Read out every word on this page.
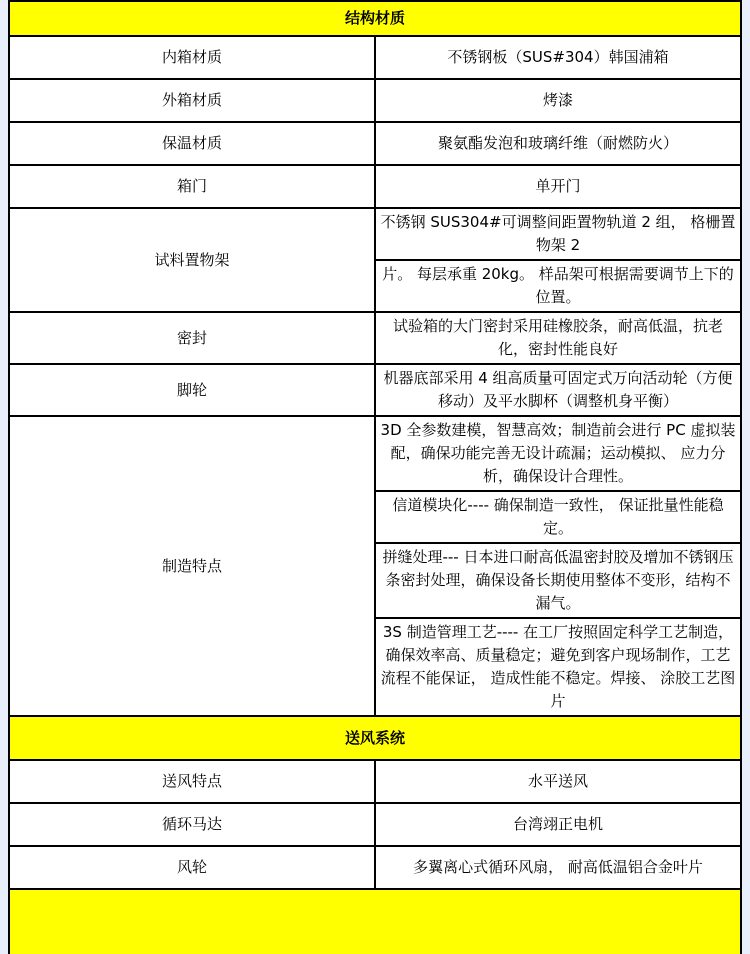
结构材质	
内箱材质	不锈钢板（SUS#304）韩国浦箱
外箱材质	烤漆
保温材质	聚氨酯发泡和玻璃纤维（耐燃防火）
箱门	单开门
试料置物架	不锈钢 SUS304#可调整间距置物轨道 2 组， 格栅置物架 2
	片。 每层承重 20kg。 样品架可根据需要调节上下的位置。
密封	试验箱的大门密封采用硅橡胶条，耐高低温，抗老化，密封性能良好
脚轮	机器底部采用 4 组高质量可固定式万向活动轮（方便移动）及平水脚杯（调整机身平衡）
制造特点	3D 全参数建模，智慧高效；制造前会进行 PC 虚拟装配，确保功能完善无设计疏漏；运动模拟、 应力分析，确保设计合理性。
	信道模块化---- 确保制造一致性， 保证批量性能稳定。
	拼缝处理--- 日本进口耐高低温密封胶及增加不锈钢压条密封处理，确保设备长期使用整体不变形，结构不漏气。
	3S 制造管理工艺---- 在工厂按照固定科学工艺制造，确保效率高、质量稳定；避免到客户现场制作，工艺流程不能保证， 造成性能不稳定。焊接、 涂胶工艺图片
送风系统	
送风特点	水平送风
循环马达	台湾翊正电机
风轮	多翼离心式循环风扇， 耐高低温铝合金叶片
